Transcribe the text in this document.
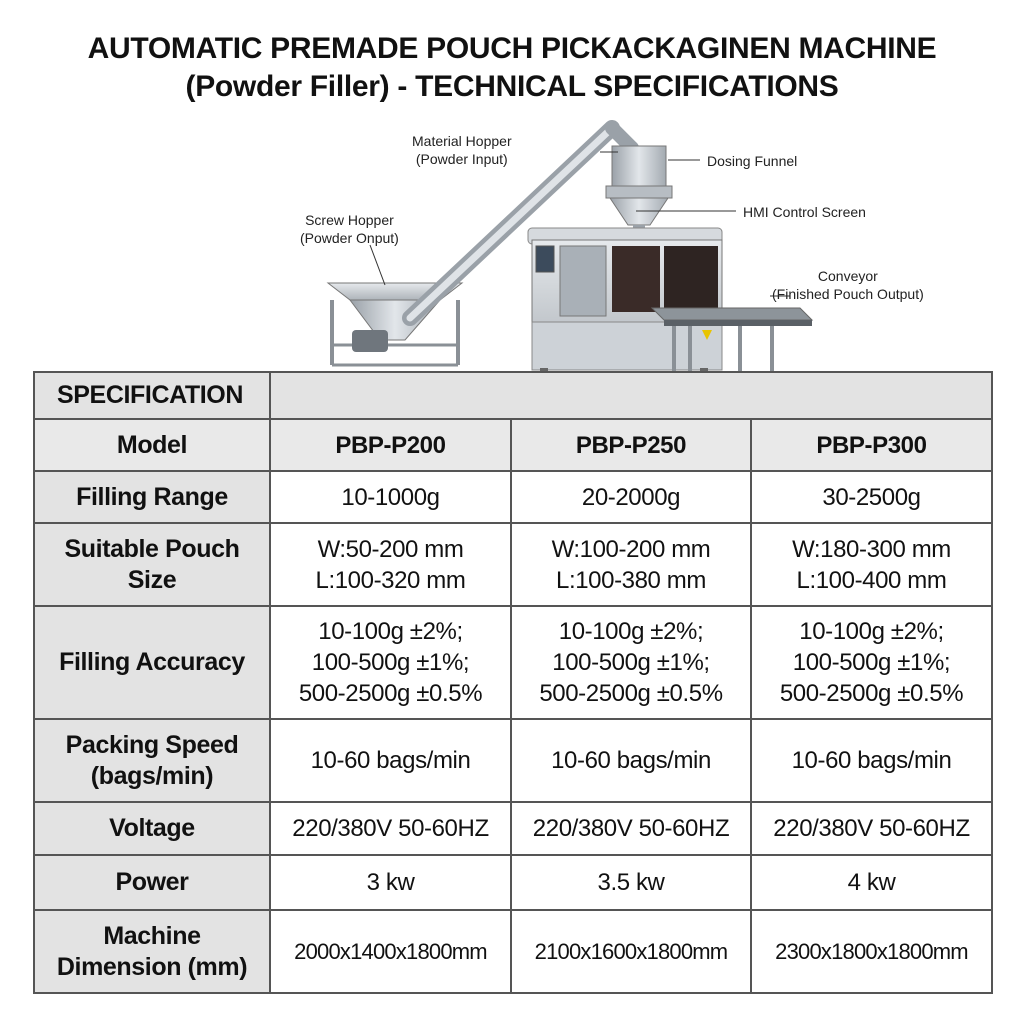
AUTOMATIC PREMADE POUCH PICKACKAGINEN MACHINE
(Powder Filler) - TECHNICAL SPECIFICATIONS
Material Hopper
(Powder Input)	Dosing Funnel
HMI Control Screen
Screw Hopper
(Powder Onput)
Conveyor
(Finished Pouch Output)
SPECIFICATION			
Model	PBP-P200	PBP-P250	PBP-P300

Filling Range	10-1000g	20-2000g	30-2500g

Suitable Pouch
Size	W:50-200 mm
L:100-320 mm	W:100-200 mm
L:100-380 mm	W:180-300 mm
L:100-400 mm

Filling Accuracy	10-100g ±2%;
100-500g ±1%;
500-2500g ±0.5%	10-100g ±2%;
100-500g ±1%;
500-2500g ±0.5%	10-100g ±2%;
100-500g ±1%;
500-2500g ±0.5%

Packing Speed
(bags/min)	10-60 bags/min	10-60 bags/min	10-60 bags/min

Voltage	220/380V 50-60HZ	220/380V 50-60HZ	220/380V 50-60HZ

Power	3 kw	3.5 kw	4 kw

Machine
Dimension (mm)	2000x1400x1800mm	2100x1600x1800mm	2300x1800x1800mm
